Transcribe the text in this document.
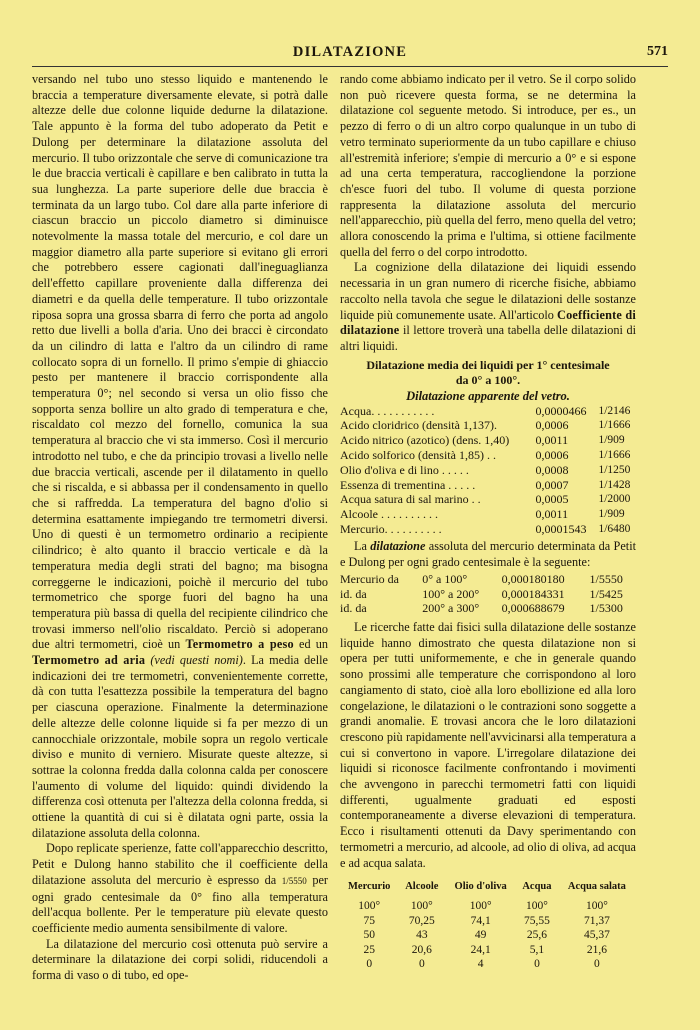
DILATAZIONE	571

versando nel tubo uno stesso liquido e mantenendo le braccia a temperature diversamente elevate, si potrà dalle altezze delle due colonne liquide dedurne la dilatazione. Tale appunto è la forma del tubo adoperato da Petit e Dulong per determinare la dilatazione assoluta del mercurio. Il tubo orizzontale che serve di comunicazione tra le due braccia verticali è capillare e ben calibrato in tutta la sua lunghezza. La parte superiore delle due braccia è terminata da un largo tubo. Col dare alla parte inferiore di ciascun braccio un piccolo diametro si diminuisce notevolmente la massa totale del mercurio, e col dare un maggior diametro alla parte superiore si evitano gli errori che potrebbero essere cagionati dall'ineguaglianza dell'effetto capillare proveniente dalla differenza dei diametri e da quella delle temperature. Il tubo orizzontale riposa sopra una grossa sbarra di ferro che porta ad angolo retto due livelli a bolla d'aria. Uno dei bracci è circondato da un cilindro di latta e l'altro da un cilindro di rame collocato sopra di un fornello. Il primo s'empie di ghiaccio pesto per mantenere il braccio corrispondente alla temperatura 0°; nel secondo si versa un olio fisso che sopporta senza bollire un alto grado di temperatura e che, riscaldato col mezzo del fornello, comunica la sua temperatura al braccio che vi sta immerso. Così il mercurio introdotto nel tubo, e che da principio trovasi a livello nelle due braccia verticali, ascende per il dilatamento in quello che si riscalda, e si abbassa per il condensamento in quello che si raffredda. La temperatura del bagno d'olio si determina esattamente impiegando tre termometri diversi. Uno di questi è un termometro ordinario a recipiente cilindrico; è alto quanto il braccio verticale e dà la temperatura media degli strati del bagno; ma bisogna correggerne le indicazioni, poichè il mercurio del tubo termometrico che sporge fuori del bagno ha una temperatura più bassa di quella del recipiente cilindrico che trovasi immerso nell'olio riscaldato. Perciò si adoperano due altri termometri, cioè un Termometro a peso ed un Termometro ad aria (vedi questi nomi). La media delle indicazioni dei tre termometri, convenientemente corrette, dà con tutta l'esattezza possibile la temperatura del bagno per ciascuna operazione. Finalmente la determinazione delle altezze delle colonne liquide si fa per mezzo di un cannocchiale orizzontale, mobile sopra un regolo verticale diviso e munito di verniero. Misurate queste altezze, si sottrae la colonna fredda dalla colonna calda per conoscere l'aumento di volume del liquido: quindi dividendo la differenza così ottenuta per l'altezza della colonna fredda, si ottiene la quantità di cui si è dilatata ogni parte, ossia la dilatazione assoluta della colonna.

Dopo replicate sperienze, fatte coll'apparecchio descritto, Petit e Dulong hanno stabilito che il coefficiente della dilatazione assoluta del mercurio è espresso da 1/5550 per ogni grado centesimale da 0° fino alla temperatura dell'acqua bollente. Per le temperature più elevate questo coefficiente medio aumenta sensibilmente di valore.

La dilatazione del mercurio così ottenuta può servire a determinare la dilatazione dei corpi solidi, riducendoli a forma di vaso o di tubo, ed ope-

rando come abbiamo indicato per il vetro. Se il corpo solido non può ricevere questa forma, se ne determina la dilatazione col seguente metodo. Si introduce, per es., un pezzo di ferro o di un altro corpo qualunque in un tubo di vetro terminato superiormente da un tubo capillare e chiuso all'estremità inferiore; s'empie di mercurio a 0° e si espone ad una certa temperatura, raccogliendone la porzione ch'esce fuori del tubo. Il volume di questa porzione rappresenta la dilatazione assoluta del mercurio nell'apparecchio, più quella del ferro, meno quella del vetro; allora conoscendo la prima e l'ultima, si ottiene facilmente quella del ferro o del corpo introdotto.

La cognizione della dilatazione dei liquidi essendo necessaria in un gran numero di ricerche fisiche, abbiamo raccolto nella tavola che segue le dilatazioni delle sostanze liquide più comunemente usate. All'articolo Coefficiente di dilatazione il lettore troverà una tabella delle dilatazioni di altri liquidi.

Dilatazione media dei liquidi per 1° centesimale
da 0° a 100°.
Dilatazione apparente del vetro.
Acqua. . . . . . . . . . .	0,0000466	1/2146
Acido cloridrico (densità 1,137).	0,0006	1/1666
Acido nitrico (azotico) (dens. 1,40)	0,0011	1/909
Acido solforico (densità 1,85) . .	0,0006	1/1666
Olio d'oliva e di lino . . . . .	0,0008	1/1250
Essenza di trementina . . . . .	0,0007	1/1428
Acqua satura di sal marino . .	0,0005	1/2000
Alcoole . . . . . . . . . .	0,0011	1/909
Mercurio. . . . . . . . . .	0,0001543	1/6480

La dilatazione assoluta del mercurio determinata da Petit e Dulong per ogni grado centesimale è la seguente:

Mercurio da	0° a 100°	0,000180180	1/5550
id. da	100° a 200°	0,000184331	1/5425
id. da	200° a 300°	0,000688679	1/5300

Le ricerche fatte dai fisici sulla dilatazione delle sostanze liquide hanno dimostrato che questa dilatazione non si opera per tutti uniformemente, e che in generale quando sono prossimi alle temperature che corrispondono al loro cangiamento di stato, cioè alla loro ebollizione ed alla loro congelazione, le dilatazioni o le contrazioni sono soggette a grandi anomalie. E trovasi ancora che le loro dilatazioni crescono più rapidamente nell'avvicinarsi alla temperatura a cui si convertono in vapore. L'irregolare dilatazione dei liquidi si riconosce facilmente confrontando i movimenti che avvengono in parecchi termometri fatti con liquidi differenti, ugualmente graduati ed esposti contemporaneamente a diverse elevazioni di temperatura. Ecco i risultamenti ottenuti da Davy sperimentando con termometri a mercurio, ad alcoole, ad olio di oliva, ad acqua e ad acqua salata.

Mercurio	Alcoole	Olio d'oliva	Acqua	Acqua salata
100°	100°	100°	100°	100°
75	70,25	74,1	75,55	71,37
50	43	49	25,6	45,37
25	20,6	24,1	5,1	21,6
0	0	4	0	0
